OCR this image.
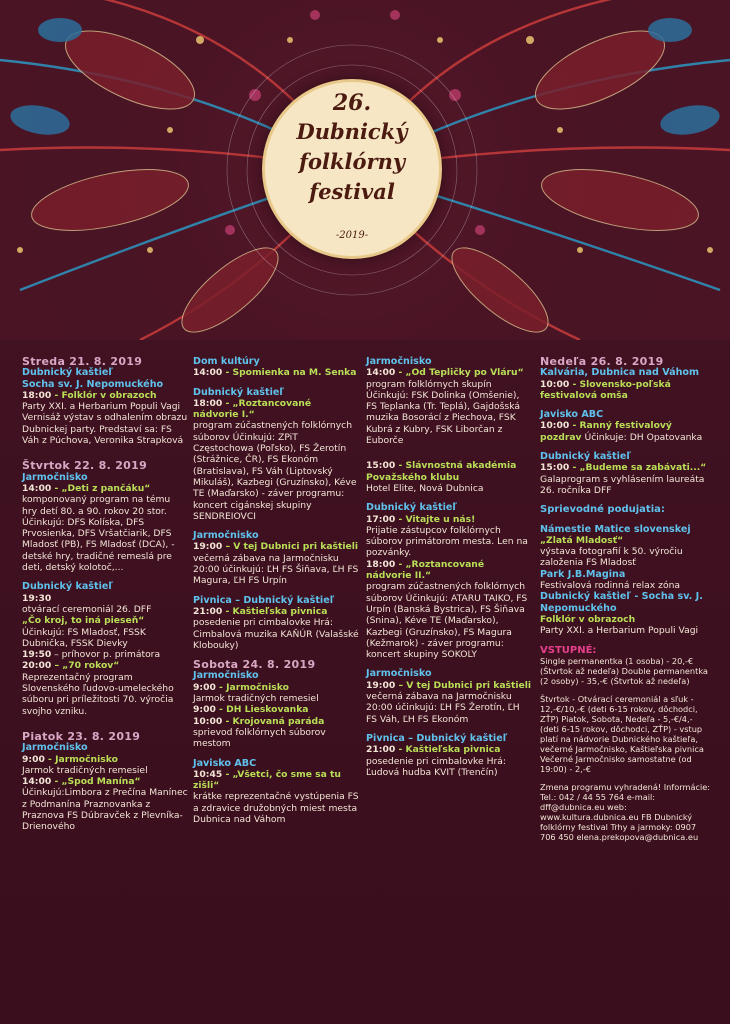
26.
Dubnický
folklórny
festival
-2019-

Streda 21. 8. 2019

Dubnický kaštieľ

Socha sv. J. Nepomuckého

18:00 - Folklór v obrazoch

Party XXI. a Herbarium Populi Vagi

Vernisáž výstav s odhalením obrazu Dubnickej party. Predstaví sa: FS Váh z Púchova, Veronika Strapková

Štvrtok 22. 8. 2019

Jarmočnisko

14:00 - „Deti z pančáku“

komponovaný program na tému hry detí 80. a 90. rokov 20 stor.

Účinkujú: DFS Kolíska, DFS Prvosienka, DFS Vršatčiarik, DFS Mladosť (PB), FS Mladosť (DCA), - detské hry, tradičné remeslá pre deti, detský kolotoč,...

Dubnický kaštieľ

19:30

otvárací ceremoniál 26. DFF

„Čo kroj, to iná pieseň“

Účinkujú: FS Mladosť, FSSK Dubnička, FSSK Dievky

19:50 – príhovor p. primátora

20:00 – „70 rokov“

Reprezentačný program Slovenského ľudovo-umeleckého súboru pri príležitosti 70. výročia svojho vzniku.

Piatok 23. 8. 2019

Jarmočnisko

9:00 - Jarmočnisko

Jarmok tradičných remesiel

14:00 - „Spod Manína“

Účinkujú:Limbora z Prečína Manínec z Podmanína Praznovanka z Praznova FS Dúbravček z Plevníka-Drienového

Dom kultúry

14:00 - Spomienka na M. Senka

Dubnický kaštieľ

18:00 - „Roztancované nádvorie I.“

program zúčastnených folklórnych súborov Účinkujú: ZPiT Częstochowa (Poľsko), FS Žerotín (Strážnice, ČR), FS Ekonóm (Bratislava), FS Váh (Liptovský Mikuláš), Kazbegi (Gruzínsko), Kéve TE (Maďarsko) - záver programu: koncert cigánskej skupiny SENDREIOVCI

Jarmočnisko

19:00 – V tej Dubnici pri kaštieli

večerná zábava na Jarmočnisku 20:00 účinkujú: ĽH FS Šiňava, ĽH FS Magura, ĽH FS Urpín

Pivnica – Dubnický kaštieľ

21:00 - Kaštieľska pivnica

posedenie pri cimbalovke Hrá: Cimbalová muzika KAŇÚR (Valašské Klobouky)

Sobota 24. 8. 2019

Jarmočnisko

9:00 - Jarmočnisko

Jarmok tradičných remesiel

9:00 - DH Lieskovanka

10:00 - Krojovaná paráda

sprievod folklórnych súborov mestom

Javisko ABC

10:45 - „Všetci, čo sme sa tu zišli“

krátke reprezentačné vystúpenia FS a zdravice družobných miest mesta Dubnica nad Váhom

Jarmočnisko

14:00 - „Od Tepličky po Vláru“

program folklórnych skupín Účinkujú: FSK Dolinka (Omšenie), FS Teplanka (Tr. Teplá), Gajdošská muzika Bosorácí z Piechova, FSK Kubrá z Kubry, FSK Liborčan z Euborče

15:00 - Slávnostná akadémia Považského klubu

Hotel Elite, Nová Dubnica

Dubnický kaštieľ

17:00 - Vitajte u nás!

Prijatie zástupcov folklórnych súborov primátorom mesta. Len na pozvánky.

18:00 - „Roztancované nádvorie II.“

program zúčastnených folklórnych súborov Účinkujú: ATARU TAIKO, FS Urpín (Banská Bystrica), FS Šiňava (Snina), Kéve TE (Maďarsko), Kazbegi (Gruzínsko), FS Magura (Kežmarok) - záver programu: koncert skupiny SOKOLY

Jarmočnisko

19:00 – V tej Dubnici pri kaštieli

večerná zábava na Jarmočnisku 20:00 účinkujú: ĽH FS Žerotín, ĽH FS Váh, ĽH FS Ekonóm

Pivnica – Dubnický kaštieľ

21:00 - Kaštieľska pivnica

posedenie pri cimbalovke Hrá: Ľudová hudba KVIT (Trenčín)

Nedeľa 26. 8. 2019

Kalvária, Dubnica nad Váhom

10:00 - Slovensko-poľská festivalová omša

Javisko ABC

10:00 - Ranný festivalový pozdrav Účinkuje: DH Opatovanka

Dubnický kaštieľ

15:00 - „Budeme sa zabávati...“

Galaprogram s vyhlásením laureáta 26. ročníka DFF

Sprievodné podujatia:

Námestie Matice slovenskej

„Zlatá Mladosť“

výstava fotografií k 50. výročiu založenia FS Mladosť

Park J.B.Magina

Festivalová rodinná relax zóna

Dubnický kaštieľ - Socha sv. J. Nepomuckého

Folklór v obrazoch

Party XXI. a Herbarium Populi Vagi

VSTUPNÉ:

Single permanentka (1 osoba) - 20,-€ (Štvrtok až nedeľa) Double permanentka (2 osoby) - 35,-€ (Štvrtok až nedeľa)

Štvrtok - Otvárací ceremoniál a sľuk - 12,-€/10,-€ (deti 6-15 rokov, dôchodci, ZŤP) Piatok, Sobota, Nedeľa - 5,-€/4,- (deti 6-15 rokov, dôchodci, ZŤP) - vstup platí na nádvorie Dubnického kaštieľa, večerné Jarmočnisko, Kaštieľska pivnica Večerné Jarmočnisko samostatne (od 19:00) - 2,-€

Zmena programu vyhradená! Informácie: Tel.: 042 / 44 55 764 e-mail: dff@dubnica.eu web: www.kultura.dubnica.eu FB Dubnický folklórny festival Trhy a jarmoky: 0907 706 450 elena.prekopova@dubnica.eu
